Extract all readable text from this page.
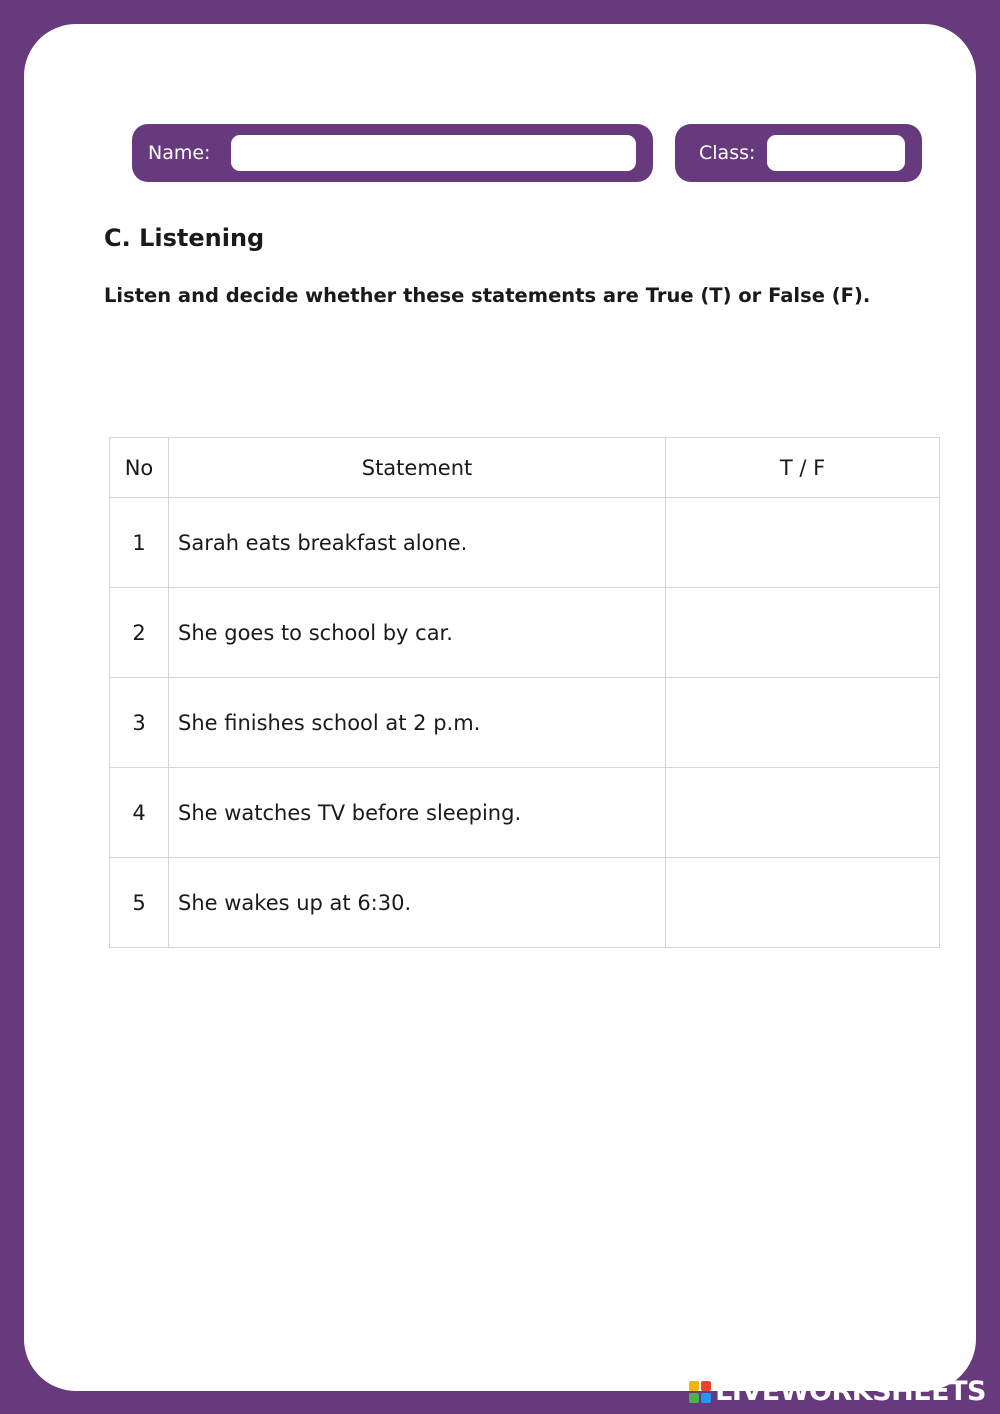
Name:	Class:
C. Listening

Listen and decide whether these statements are True (T) or False (F).

No	Statement	T / F
1	Sarah eats breakfast alone.	
2	She goes to school by car.	
3	She finishes school at 2 p.m.	
4	She watches TV before sleeping.	
5	She wakes up at 6:30.	
LIVEWORKSHEETS
